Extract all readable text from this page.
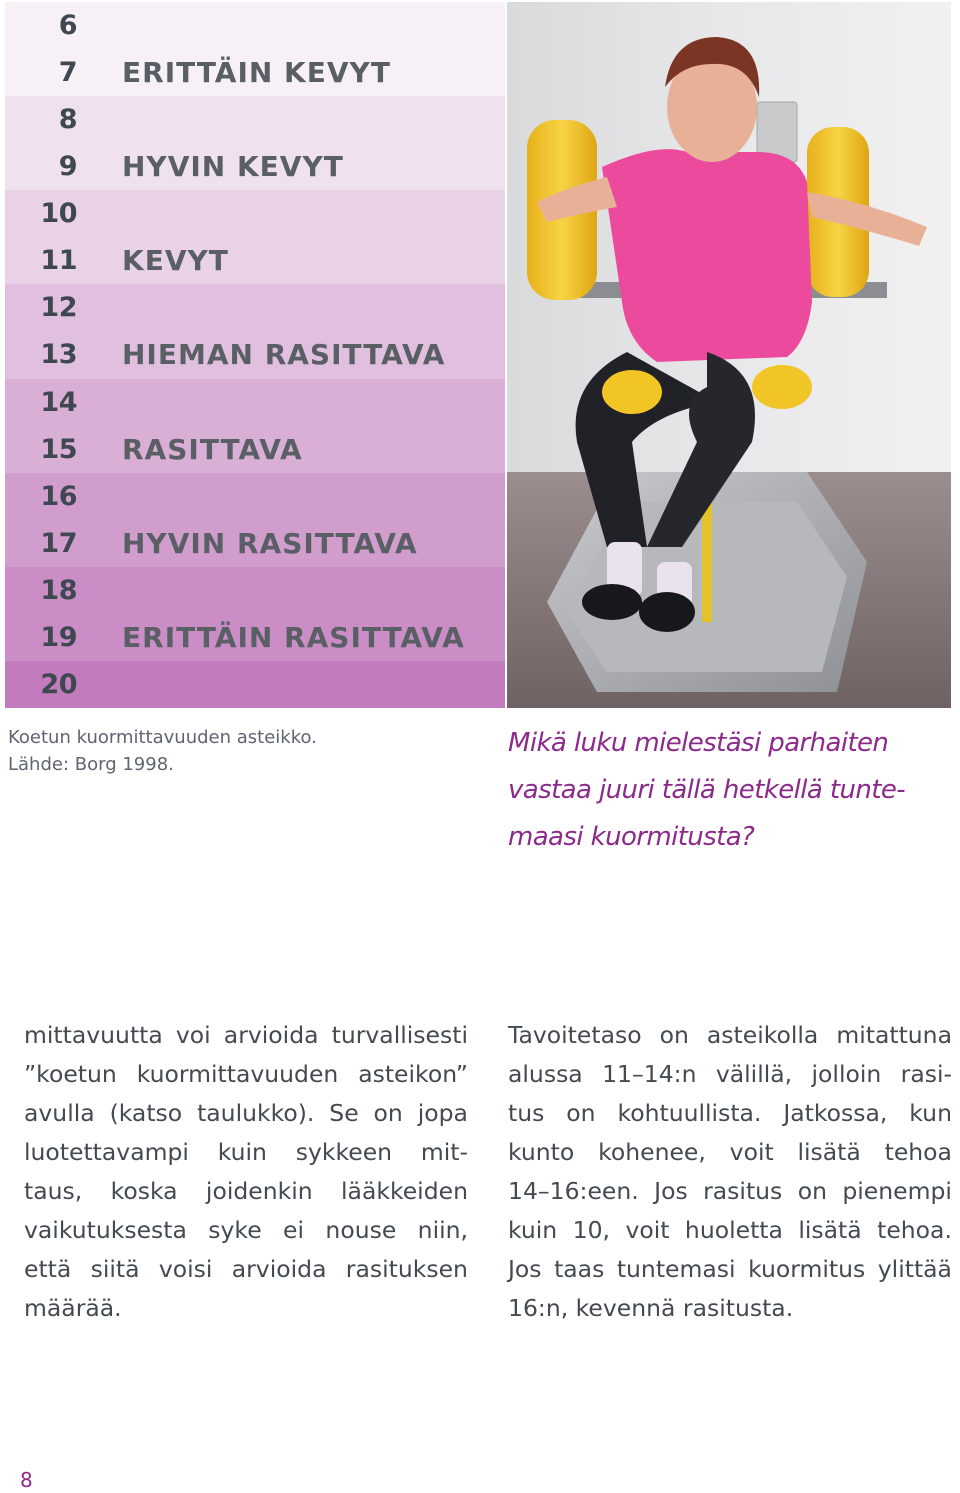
6
7 ERITTÄIN KEVYT
8
9 HYVIN KEVYT
10
11 KEVYT
12
13 HIEMAN RASITTAVA
14
15 RASITTAVA
16
17 HYVIN RASITTAVA
18
19 ERITTÄIN RASITTAVA
20
Koetun kuormittavuuden asteikko.
Lähde: Borg 1998.
Mikä luku mielestäsi parhaiten
vastaa juuri tällä hetkellä tunte-
maasi kuormitusta?
mittavuutta voi arvioida turvallisesti
”koetun kuormittavuuden asteikon”
avulla (katso taulukko). Se on jopa
luotettavampi kuin sykkeen mit-
taus, koska joidenkin lääkkeiden
vaikutuksesta syke ei nouse niin,
että siitä voisi arvioida rasituksen
määrää.
Tavoitetaso on asteikolla mitattuna
alussa 11–14:n välillä, jolloin rasi-
tus on kohtuullista. Jatkossa, kun
kunto kohenee, voit lisätä tehoa
14–16:een. Jos rasitus on pienempi
kuin 10, voit huoletta lisätä tehoa.
Jos taas tuntemasi kuormitus ylittää
16:n, kevennä rasitusta.
8
